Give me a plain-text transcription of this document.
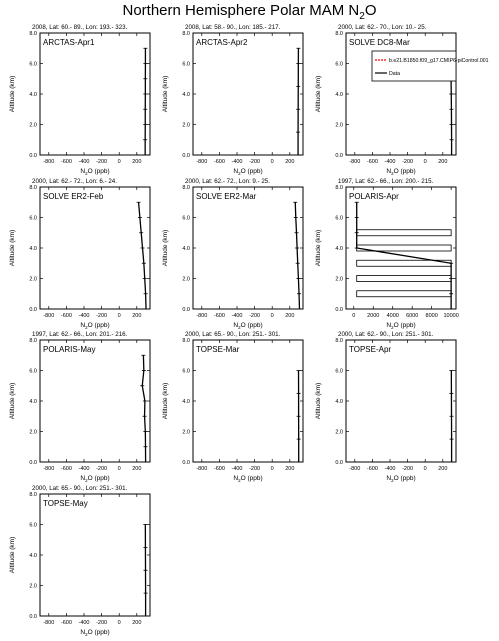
Northern Hemisphere Polar MAM $N_2O$
2008, Lat: 60.- 89., Lon: 193.- 323.
ARCTAS-Apr1
0.0
2.0
4.0
6.0
8.0
-800 -600 -400 -200 0 200
$N_2O$ (ppb)
Altitude (km)
2008, Lat: 58.- 90., Lon: 185.- 217.
ARCTAS-Apr2
0.0
2.0
4.0
6.0
8.0
-800 -600 -400 -200 0 200
$N_2O$ (ppb)
Altitude (km)
2000, Lat: 62.- 70., Lon: 10.- 25.
SOLVE DC8-Mar
0.0
2.0
4.0
6.0
8.0
-800 -600 -400 -200 0 200
$N_2O$ (ppb)
Altitude (km)
b.e21.B1850.f09_g17.CMIP6-piControl.001
Data
2000, Lat: 62.- 72., Lon: 6.- 24.
SOLVE ER2-Feb
0.0
2.0
4.0
6.0
8.0
-800 -600 -400 -200 0 200
$N_2O$ (ppb)
Altitude (km)
2000, Lat: 62.- 72., Lon: 9.- 25.
SOLVE ER2-Mar
0.0
2.0
4.0
6.0
8.0
-800 -600 -400 -200 0 200
$N_2O$ (ppb)
Altitude (km)
1997, Lat: 62.- 66., Lon: 200.- 215.
POLARIS-Apr
0.0
2.0
4.0
6.0
8.0
0 2000 4000 6000 8000 10000
$N_2O$ (ppb)
Altitude (km)
1997, Lat: 62.- 66., Lon: 201.- 216.
POLARIS-May
0.0
2.0
4.0
6.0
8.0
-800 -600 -400 -200 0 200
$N_2O$ (ppb)
Altitude (km)
2000, Lat: 65.- 90., Lon: 251.- 301.
TOPSE-Mar
0.0
2.0
4.0
6.0
8.0
-800 -600 -400 -200 0 200
$N_2O$ (ppb)
Altitude (km)
2000, Lat: 62.- 90., Lon: 251.- 301.
TOPSE-Apr
0.0
2.0
4.0
6.0
8.0
-800 -600 -400 -200 0 200
$N_2O$ (ppb)
Altitude (km)
2000, Lat: 65.- 90., Lon: 251.- 301.
TOPSE-May
0.0
2.0
4.0
6.0
8.0
-800 -600 -400 -200 0 200
$N_2O$ (ppb)
Altitude (km)
